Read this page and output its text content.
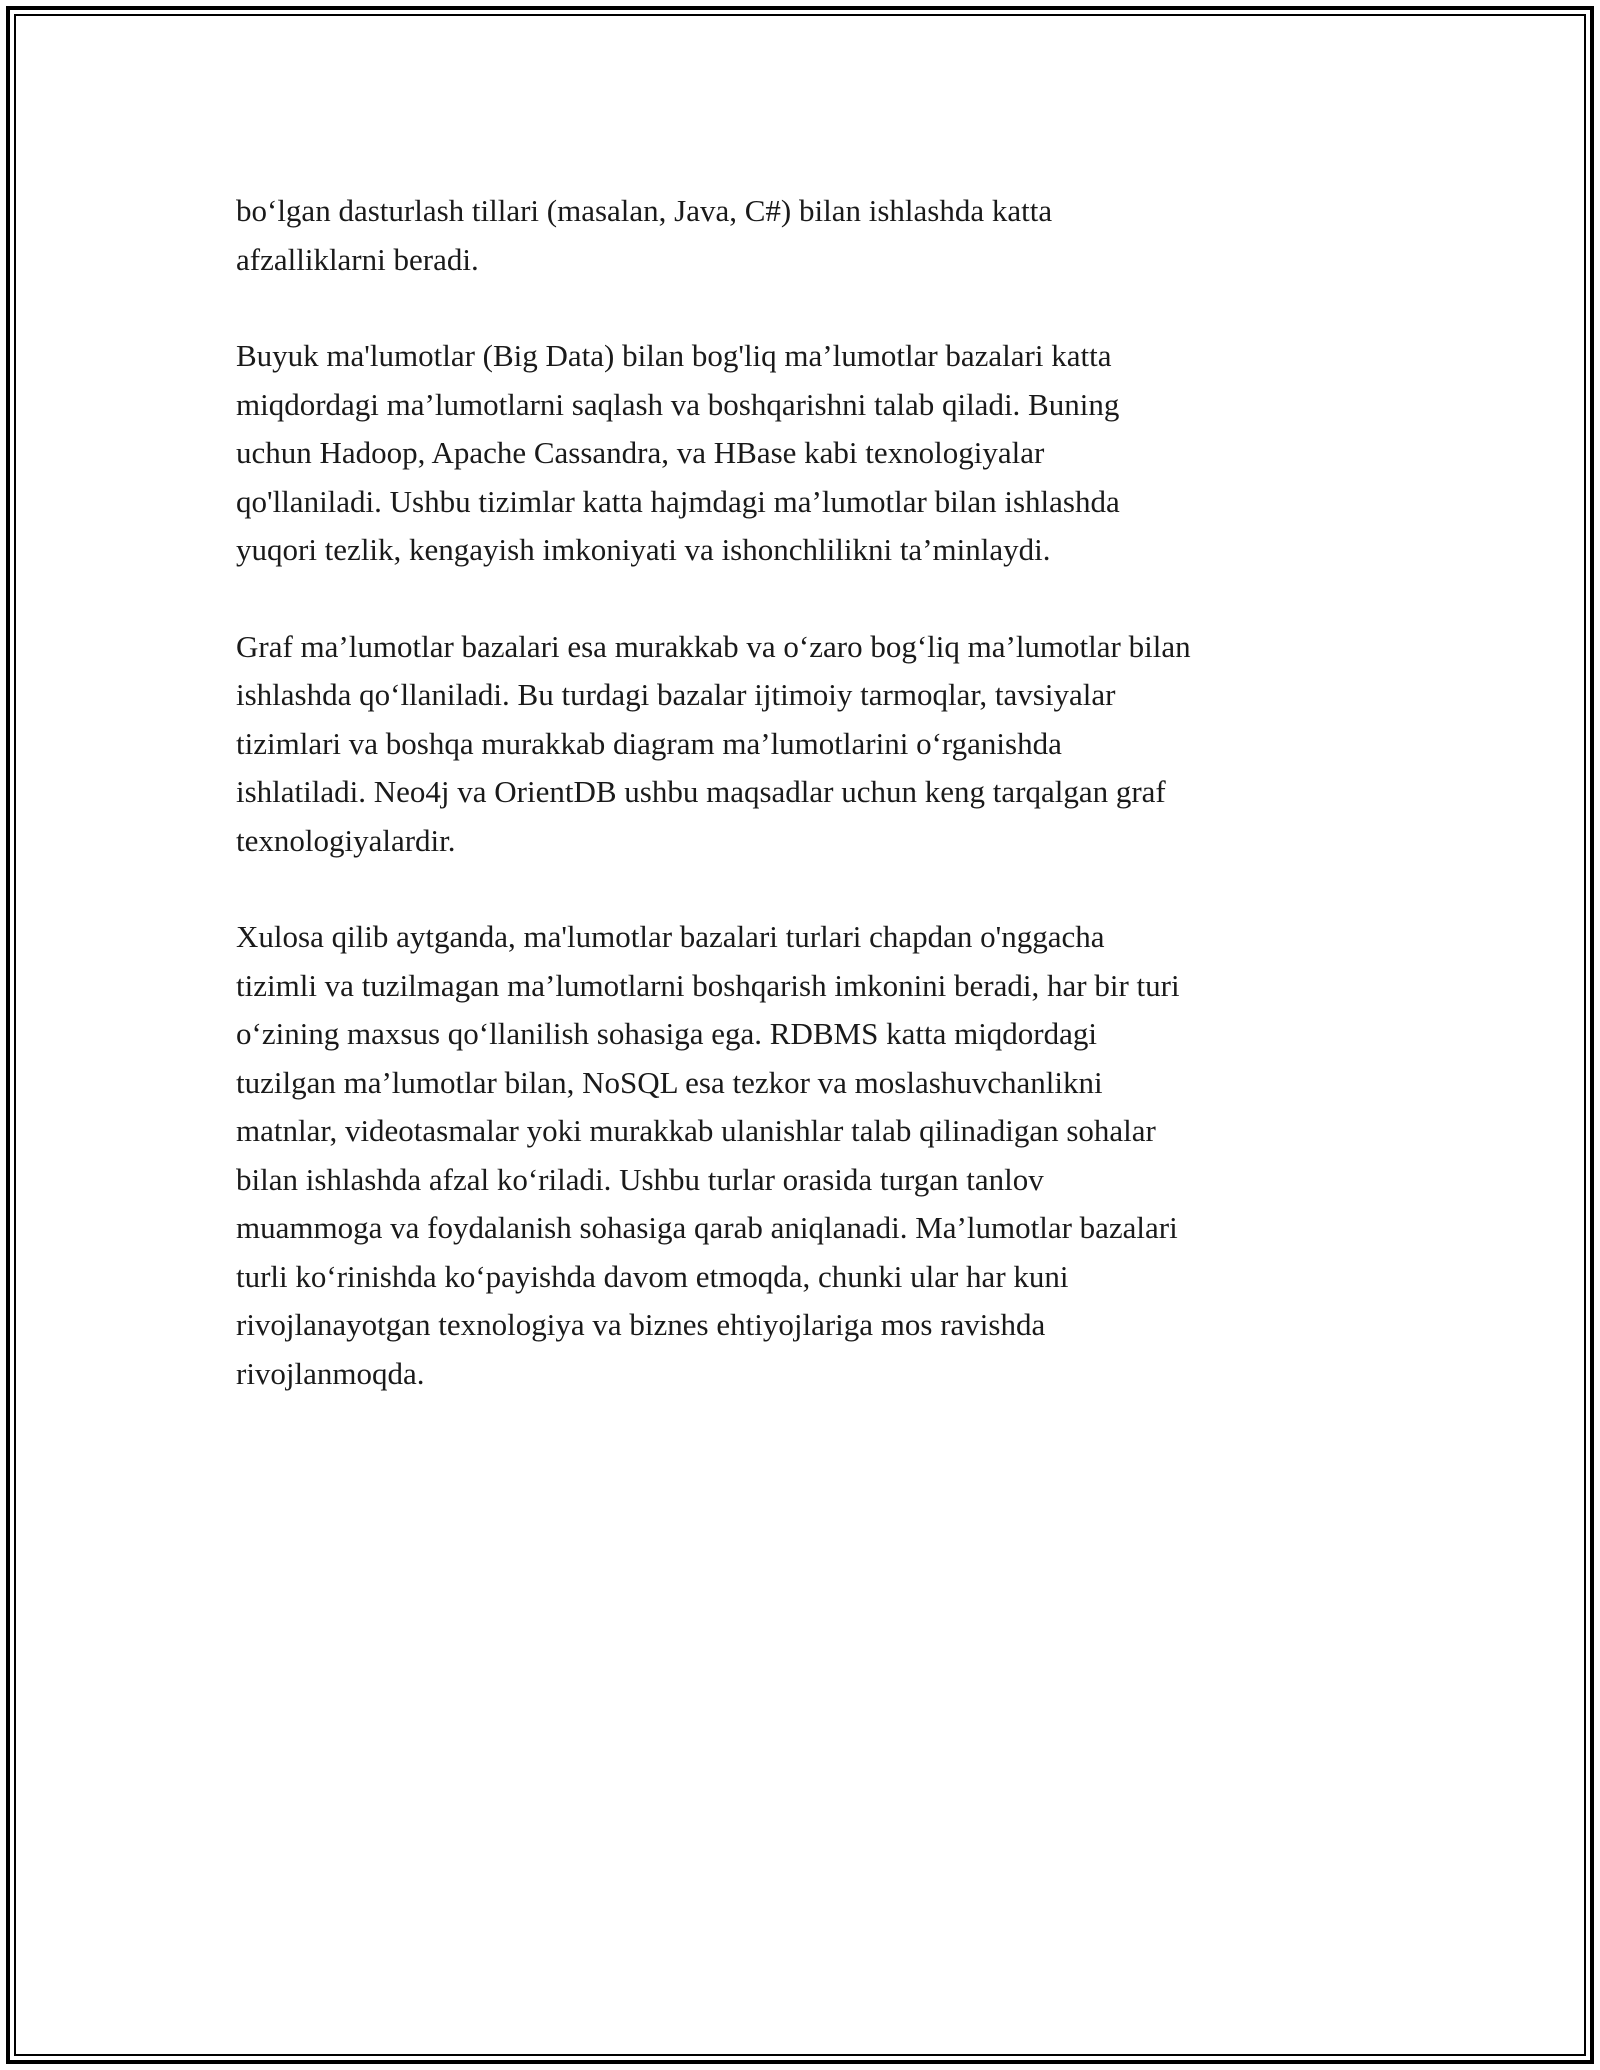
bo‘lgan dasturlash tillari (masalan, Java, C#) bilan ishlashda katta
afzalliklarni beradi.

Buyuk ma'lumotlar (Big Data) bilan bog'liq ma’lumotlar bazalari katta
miqdordagi ma’lumotlarni saqlash va boshqarishni talab qiladi. Buning
uchun Hadoop, Apache Cassandra, va HBase kabi texnologiyalar
qo'llaniladi. Ushbu tizimlar katta hajmdagi ma’lumotlar bilan ishlashda
yuqori tezlik, kengayish imkoniyati va ishonchlilikni ta’minlaydi.

Graf ma’lumotlar bazalari esa murakkab va o‘zaro bog‘liq ma’lumotlar bilan
ishlashda qo‘llaniladi. Bu turdagi bazalar ijtimoiy tarmoqlar, tavsiyalar
tizimlari va boshqa murakkab diagram ma’lumotlarini o‘rganishda
ishlatiladi. Neo4j va OrientDB ushbu maqsadlar uchun keng tarqalgan graf
texnologiyalardir.

Xulosa qilib aytganda, ma'lumotlar bazalari turlari chapdan o'nggacha
tizimli va tuzilmagan ma’lumotlarni boshqarish imkonini beradi, har bir turi
o‘zining maxsus qo‘llanilish sohasiga ega. RDBMS katta miqdordagi
tuzilgan ma’lumotlar bilan, NoSQL esa tezkor va moslashuvchanlikni
matnlar, videotasmalar yoki murakkab ulanishlar talab qilinadigan sohalar
bilan ishlashda afzal ko‘riladi. Ushbu turlar orasida turgan tanlov
muammoga va foydalanish sohasiga qarab aniqlanadi. Ma’lumotlar bazalari
turli ko‘rinishda ko‘payishda davom etmoqda, chunki ular har kuni
rivojlanayotgan texnologiya va biznes ehtiyojlariga mos ravishda
rivojlanmoqda.
